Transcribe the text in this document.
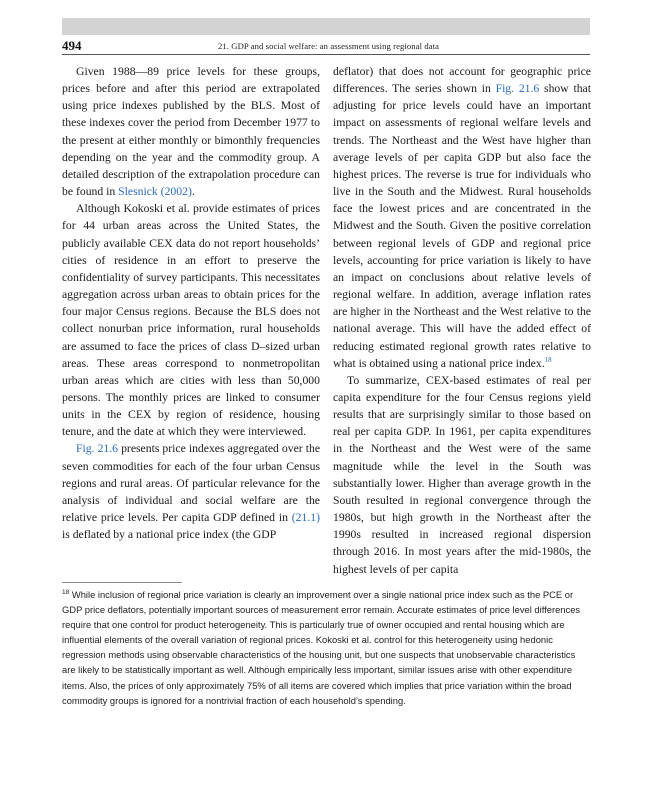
494	21. GDP and social welfare: an assessment using regional data

Given 1988—89 price levels for these groups, prices before and after this period are extrapolated using price indexes published by the BLS. Most of these indexes cover the period from December 1977 to the present at either monthly or bimonthly frequencies depending on the year and the commodity group. A detailed description of the extrapolation procedure can be found in Slesnick (2002).

Although Kokoski et al. provide estimates of prices for 44 urban areas across the United States, the publicly available CEX data do not report households’ cities of residence in an effort to preserve the confidentiality of survey participants. This necessitates aggregation across urban areas to obtain prices for the four major Census regions. Because the BLS does not collect nonurban price information, rural households are assumed to face the prices of class D–sized urban areas. These areas correspond to nonmetropolitan urban areas which are cities with less than 50,000 persons. The monthly prices are linked to consumer units in the CEX by region of residence, housing tenure, and the date at which they were interviewed.

Fig. 21.6 presents price indexes aggregated over the seven commodities for each of the four urban Census regions and rural areas. Of particular relevance for the analysis of individual and social welfare are the relative price levels. Per capita GDP defined in (21.1) is deflated by a national price index (the GDP

deflator) that does not account for geographic price differences. The series shown in Fig. 21.6 show that adjusting for price levels could have an important impact on assessments of regional welfare levels and trends. The Northeast and the West have higher than average levels of per capita GDP but also face the highest prices. The reverse is true for individuals who live in the South and the Midwest. Rural households face the lowest prices and are concentrated in the Midwest and the South. Given the positive correlation between regional levels of GDP and regional price levels, accounting for price variation is likely to have an impact on conclusions about relative levels of regional welfare. In addition, average inflation rates are higher in the Northeast and the West relative to the national average. This will have the added effect of reducing estimated regional growth rates relative to what is obtained using a national price index.$^{18}$

To summarize, CEX-based estimates of real per capita expenditure for the four Census regions yield results that are surprisingly similar to those based on real per capita GDP. In 1961, per capita expenditures in the Northeast and the West were of the same magnitude while the level in the South was substantially lower. Higher than average growth in the South resulted in regional convergence through the 1980s, but high growth in the Northeast after the 1990s resulted in increased regional dispersion through 2016. In most years after the mid-1980s, the highest levels of per capita

$^{18}$ While inclusion of regional price variation is clearly an improvement over a single national price index such as the PCE or GDP price deflators, potentially important sources of measurement error remain. Accurate estimates of price level differences require that one control for product heterogeneity. This is particularly true of owner occupied and rental housing which are influential elements of the overall variation of regional prices. Kokoski et al. control for this heterogeneity using hedonic regression methods using observable characteristics of the housing unit, but one suspects that unobservable characteristics are likely to be statistically important as well. Although empirically less important, similar issues arise with other expenditure items. Also, the prices of only approximately 75% of all items are covered which implies that price variation within the broad commodity groups is ignored for a nontrivial fraction of each household’s spending.
